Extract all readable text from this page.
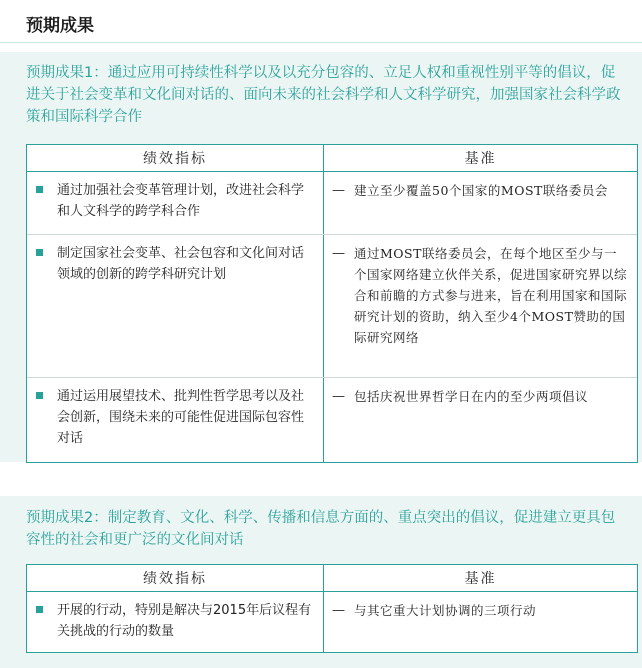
预期成果
预期成果1：通过应用可持续性科学以及以充分包容的、立足人权和重视性别平等的倡议，促进关于社会变革和文化间对话的、面向未来的社会科学和人文科学研究，加强国家社会科学政策和国际科学合作
绩效指标	基准
通过加强社会变革管理计划，改进社会科学和人文科学的跨学科合作
— 建立至少覆盖50个国家的MOST联络委员会
制定国家社会变革、社会包容和文化间对话领域的创新的跨学科研究计划
— 通过MOST联络委员会，在每个地区至少与一个国家网络建立伙伴关系，促进国家研究界以综合和前瞻的方式参与进来，旨在利用国家和国际研究计划的资助，纳入至少4个MOST赞助的国际研究网络
通过运用展望技术、批判性哲学思考以及社会创新，围绕未来的可能性促进国际包容性对话
— 包括庆祝世界哲学日在内的至少两项倡议
预期成果2：制定教育、文化、科学、传播和信息方面的、重点突出的倡议，促进建立更具包容性的社会和更广泛的文化间对话
绩效指标	基准
开展的行动，特别是解决与2015年后议程有关挑战的行动的数量
— 与其它重大计划协调的三项行动
